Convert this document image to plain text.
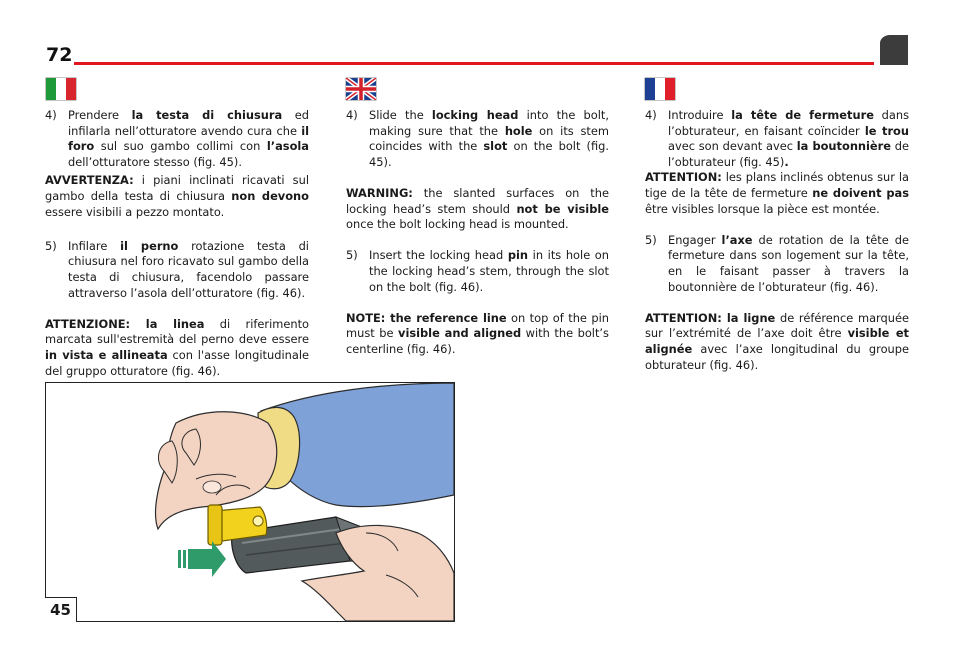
72
4) Prendere la testa di chiusura ed infilarla nell’otturatore avendo cura che il foro sul suo gambo collimi con l’asola dell’otturatore stesso (fig. 45).

AVVERTENZA: i piani inclinati ricavati sul gambo della testa di chiusura non devono essere visibili a pezzo montato.

5) Infilare il perno rotazione testa di chiusura nel foro ricavato sul gambo della testa di chiusura, facendolo passare attraverso l’asola dell’otturatore (fig. 46).

ATTENZIONE: la linea di riferimento marcata sull'estremità del perno deve essere in vista e allineata con l'asse longitudinale del gruppo otturatore (fig. 46).

4) Slide the locking head into the bolt, making sure that the hole on its stem coincides with the slot on the bolt (fig. 45).

WARNING: the slanted surfaces on the locking head’s stem should not be visible once the bolt locking head is mounted.

5) Insert the locking head pin in its hole on the locking head’s stem, through the slot on the bolt (fig. 46).

NOTE: the reference line on top of the pin must be visible and aligned with the bolt’s centerline (fig. 46).

4) Introduire la tête de fermeture dans l’obturateur, en faisant coïncider le trou avec son devant avec la boutonnière de l’obturateur (fig. 45).

ATTENTION: les plans inclinés obtenus sur la tige de la tête de fermeture ne doivent pas être visibles lorsque la pièce est montée.

5) Engager l’axe de rotation de la tête de fermeture dans son logement sur la tête, en le faisant passer à travers la boutonnière de l’obturateur (fig. 46).

ATTENTION: la ligne de référence marquée sur l’extrémité de l’axe doit être visible et alignée avec l’axe longitudinal du groupe obturateur (fig. 46).

45
